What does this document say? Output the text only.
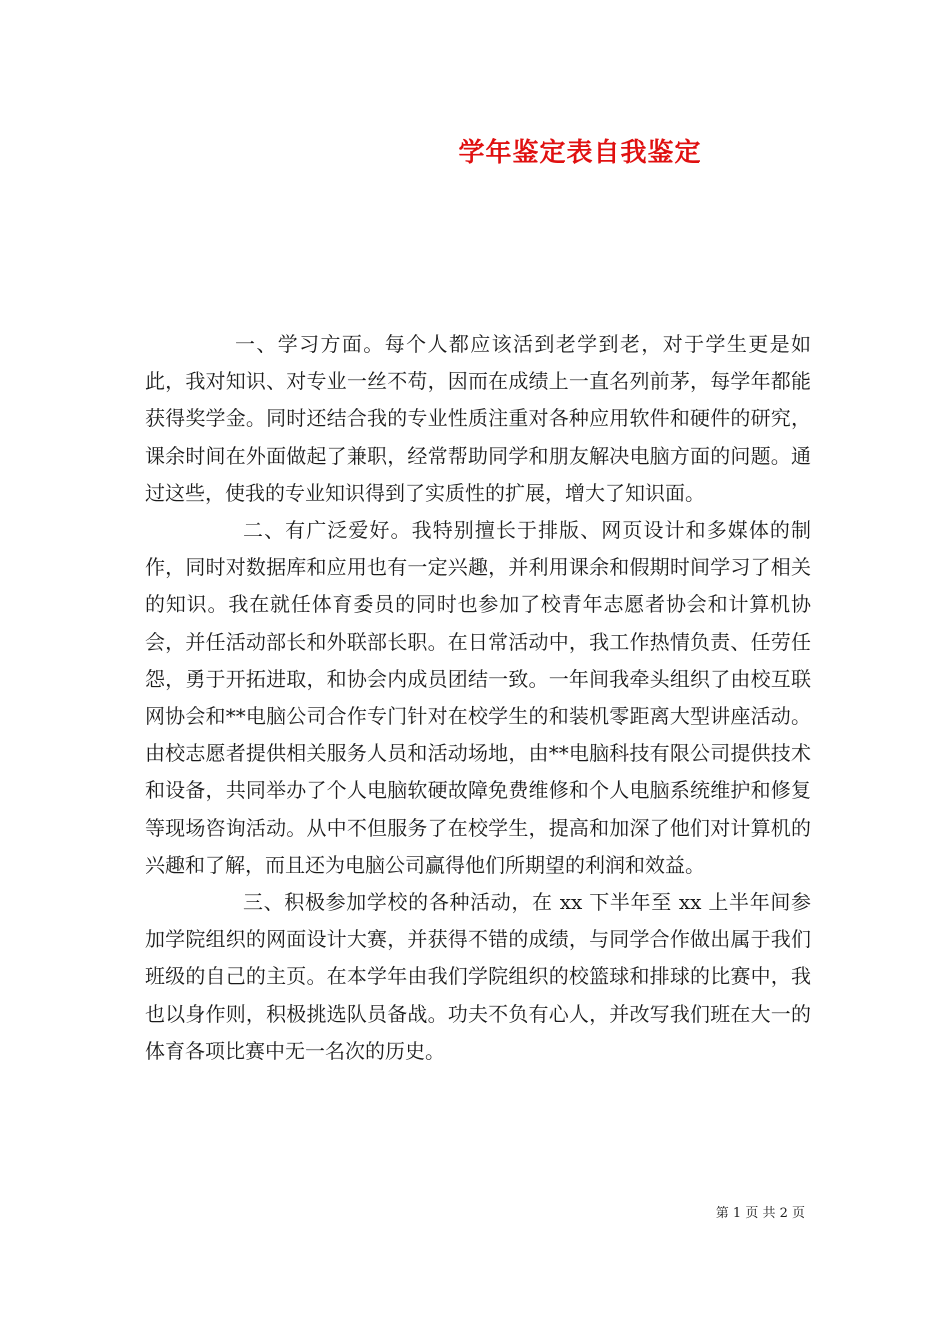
学年鉴定表自我鉴定

一、学习方面。每个人都应该活到老学到老，对于学生更是如此，我对知识、对专业一丝不苟，因而在成绩上一直名列前茅，每学年都能获得奖学金。同时还结合我的专业性质注重对各种应用软件和硬件的研究，课余时间在外面做起了兼职，经常帮助同学和朋友解决电脑方面的问题。通过这些，使我的专业知识得到了实质性的扩展，增大了知识面。

二、有广泛爱好。我特别擅长于排版、网页设计和多媒体的制作，同时对数据库和应用也有一定兴趣，并利用课余和假期时间学习了相关的知识。我在就任体育委员的同时也参加了校青年志愿者协会和计算机协会，并任活动部长和外联部长职。在日常活动中，我工作热情负责、任劳任怨，勇于开拓进取，和协会内成员团结一致。一年间我牵头组织了由校互联网协会和**电脑公司合作专门针对在校学生的和装机零距离大型讲座活动。由校志愿者提供相关服务人员和活动场地，由**电脑科技有限公司提供技术和设备，共同举办了个人电脑软硬故障免费维修和个人电脑系统维护和修复等现场咨询活动。从中不但服务了在校学生，提高和加深了他们对计算机的兴趣和了解，而且还为电脑公司赢得他们所期望的利润和效益。

三、积极参加学校的各种活动，在 xx 下半年至 xx 上半年间参加学院组织的网面设计大赛，并获得不错的成绩，与同学合作做出属于我们班级的自己的主页。在本学年由我们学院组织的校篮球和排球的比赛中，我也以身作则，积极挑选队员备战。功夫不负有心人，并改写我们班在大一的体育各项比赛中无一名次的历史。

第 1 页 共 2 页
